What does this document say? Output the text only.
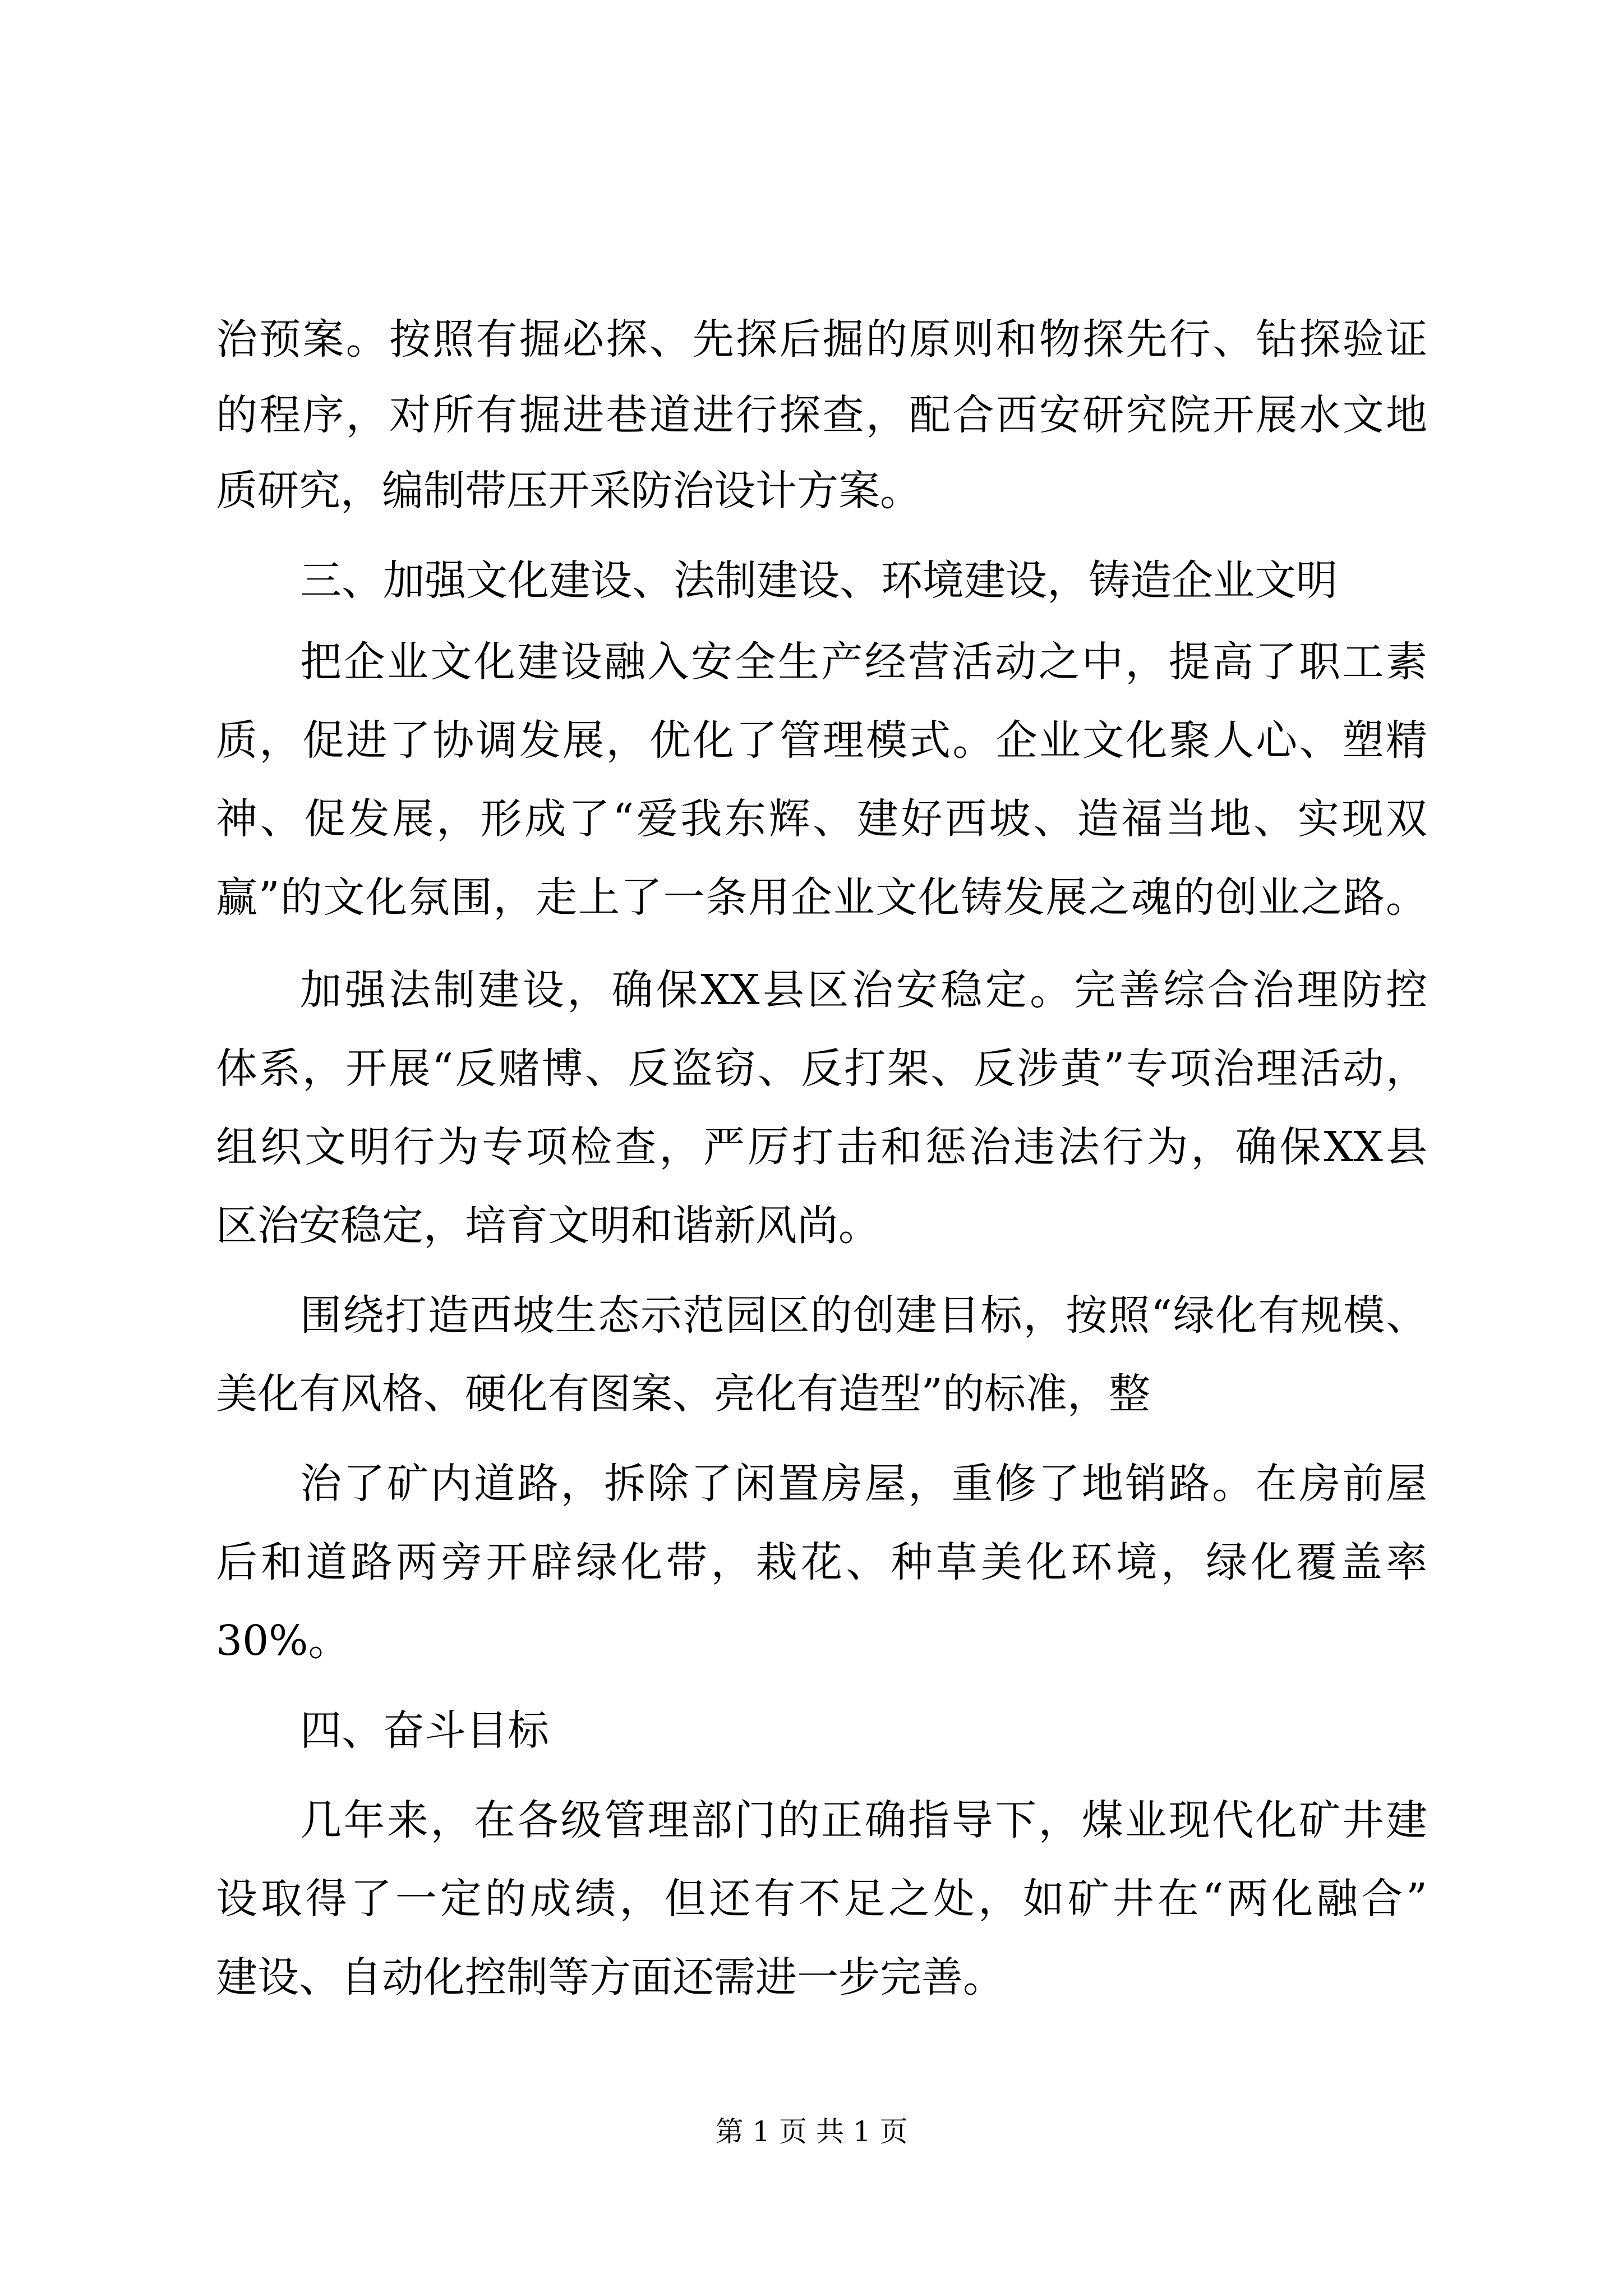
治预案。按照有掘必探、先探后掘的原则和物探先行、钻探验证
的程序，对所有掘进巷道进行探查，配合西安研究院开展水文地
质研究，编制带压开采防治设计方案。
三、加强文化建设、法制建设、环境建设，铸造企业文明
把企业文化建设融入安全生产经营活动之中，提高了职工素
质，促进了协调发展，优化了管理模式。企业文化聚人心、塑精
神、促发展，形成了“爱我东辉、建好西坡、造福当地、实现双
赢”的文化氛围，走上了一条用企业文化铸发展之魂的创业之路。
加强法制建设，确保XX县区治安稳定。完善综合治理防控
体系，开展“反赌博、反盗窃、反打架、反涉黄”专项治理活动，
组织文明行为专项检查，严厉打击和惩治违法行为，确保XX县
区治安稳定，培育文明和谐新风尚。
围绕打造西坡生态示范园区的创建目标，按照“绿化有规模、
美化有风格、硬化有图案、亮化有造型”的标准，整
治了矿内道路，拆除了闲置房屋，重修了地销路。在房前屋
后和道路两旁开辟绿化带，栽花、种草美化环境，绿化覆盖率
30%。
四、奋斗目标
几年来，在各级管理部门的正确指导下，煤业现代化矿井建
设取得了一定的成绩，但还有不足之处，如矿井在“两化融合”
建设、自动化控制等方面还需进一步完善。
第 1 页 共 1 页
